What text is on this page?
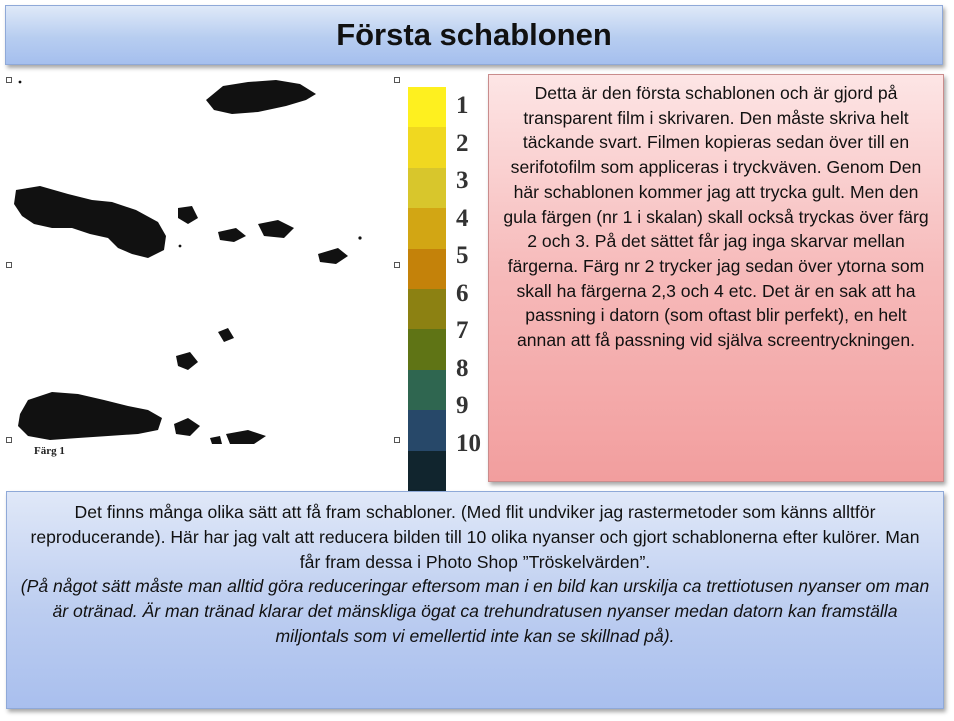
Första schablonen
Färg 1
1
2
3
4
5
6
7
8
9
10
Detta är den första schablonen och är gjord på transparent film i skrivaren. Den måste skriva helt täckande svart. Filmen kopieras sedan över till en serifotofilm som appliceras i tryckväven. Genom Den här schablonen kommer jag att trycka gult. Men den gula färgen (nr 1 i skalan) skall också tryckas över färg 2 och 3. På det sättet får jag inga skarvar mellan färgerna. Färg nr 2 trycker jag sedan över ytorna som skall ha färgerna 2,3 och 4 etc. Det är en sak att ha passning i datorn (som oftast blir perfekt), en helt annan att få passning vid själva screentryckningen.

Det finns många olika sätt att få fram schabloner. (Med flit undviker jag rastermetoder som känns alltför reproducerande). Här har jag valt att reducera bilden till 10 olika nyanser och gjort schablonerna efter kulörer. Man får fram dessa i Photo Shop ”Tröskelvärden”.

(På något sätt måste man alltid göra reduceringar eftersom man i en bild kan urskilja ca trettiotusen nyanser om man är otränad. Är man tränad klarar det mänskliga ögat ca trehundratusen nyanser medan datorn kan framställa miljontals som vi emellertid inte kan se skillnad på).
